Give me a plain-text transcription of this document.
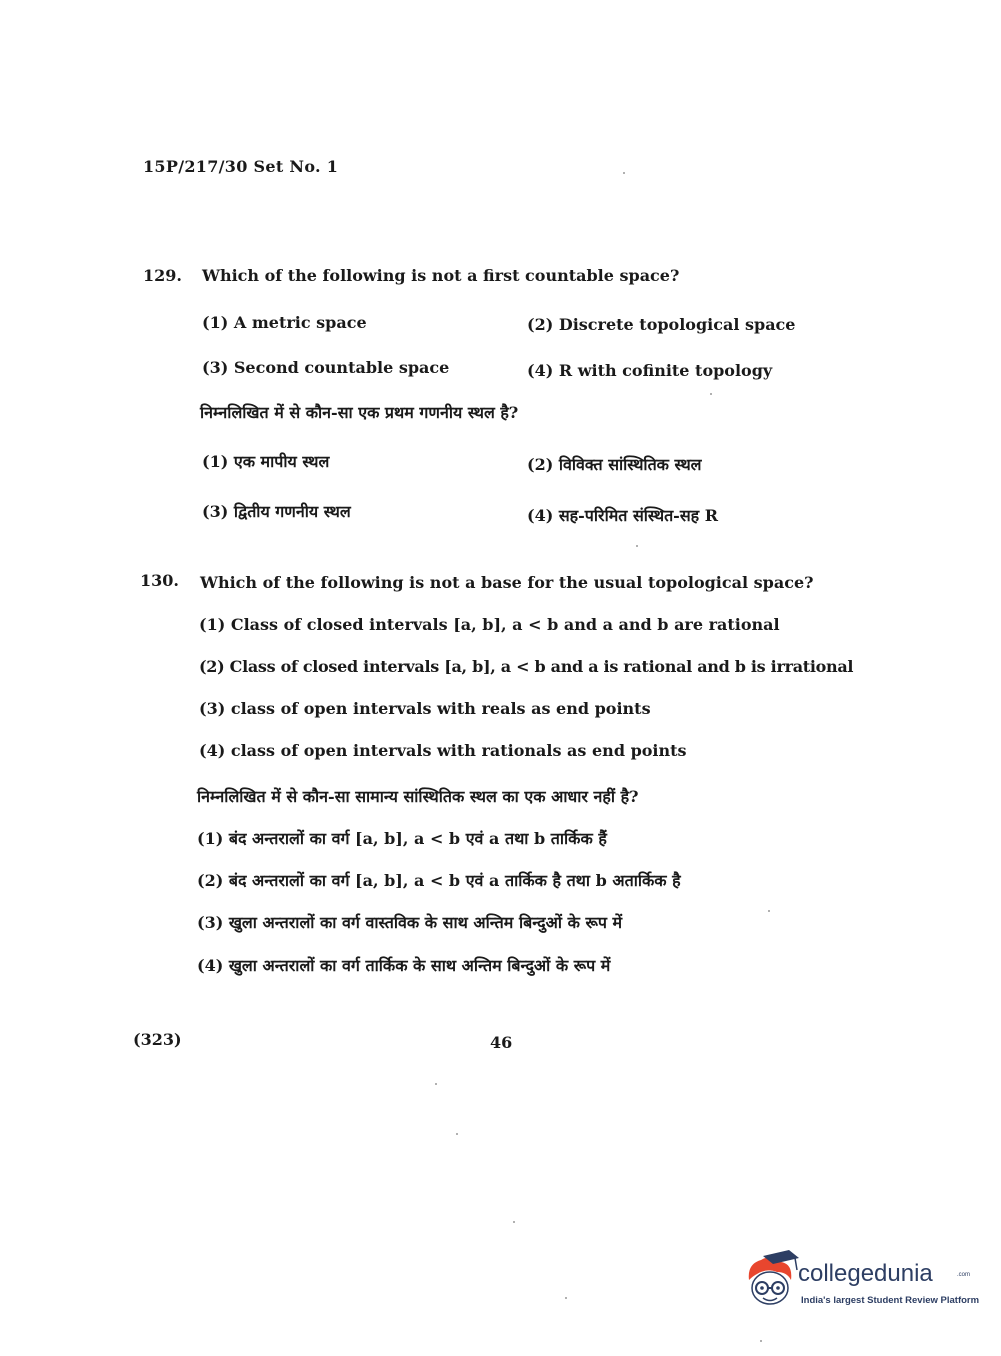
15P/217/30 Set No. 1
129. Which of the following is not a first countable space?
(1) A metric space	(2) Discrete topological space
(3) Second countable space	(4) R with cofinite topology
निम्नलिखित में से कौन-सा एक प्रथम गणनीय स्थल है?
(1) एक मापीय स्थल	(2) विविक्त सांस्थितिक स्थल
(3) द्वितीय गणनीय स्थल	(4) सह-परिमित संस्थित-सह R
130. Which of the following is not a base for the usual topological space?
(1) Class of closed intervals [a, b], a < b and a and b are rational
(2) Class of closed intervals [a, b], a < b and a is rational and b is irrational
(3) class of open intervals with reals as end points
(4) class of open intervals with rationals as end points
निम्नलिखित में से कौन-सा सामान्य सांस्थितिक स्थल का एक आधार नहीं है?
(1) बंद अन्तरालों का वर्ग [a, b], a < b एवं a तथा b तार्किक हैं
(2) बंद अन्तरालों का वर्ग [a, b], a < b एवं a तार्किक है तथा b अतार्किक है
(3) खुला अन्तरालों का वर्ग वास्तविक के साथ अन्तिम बिन्दुओं के रूप में
(4) खुला अन्तरालों का वर्ग तार्किक के साथ अन्तिम बिन्दुओं के रूप में
(323)	46
collegedunia	.com
India's largest Student Review Platform
